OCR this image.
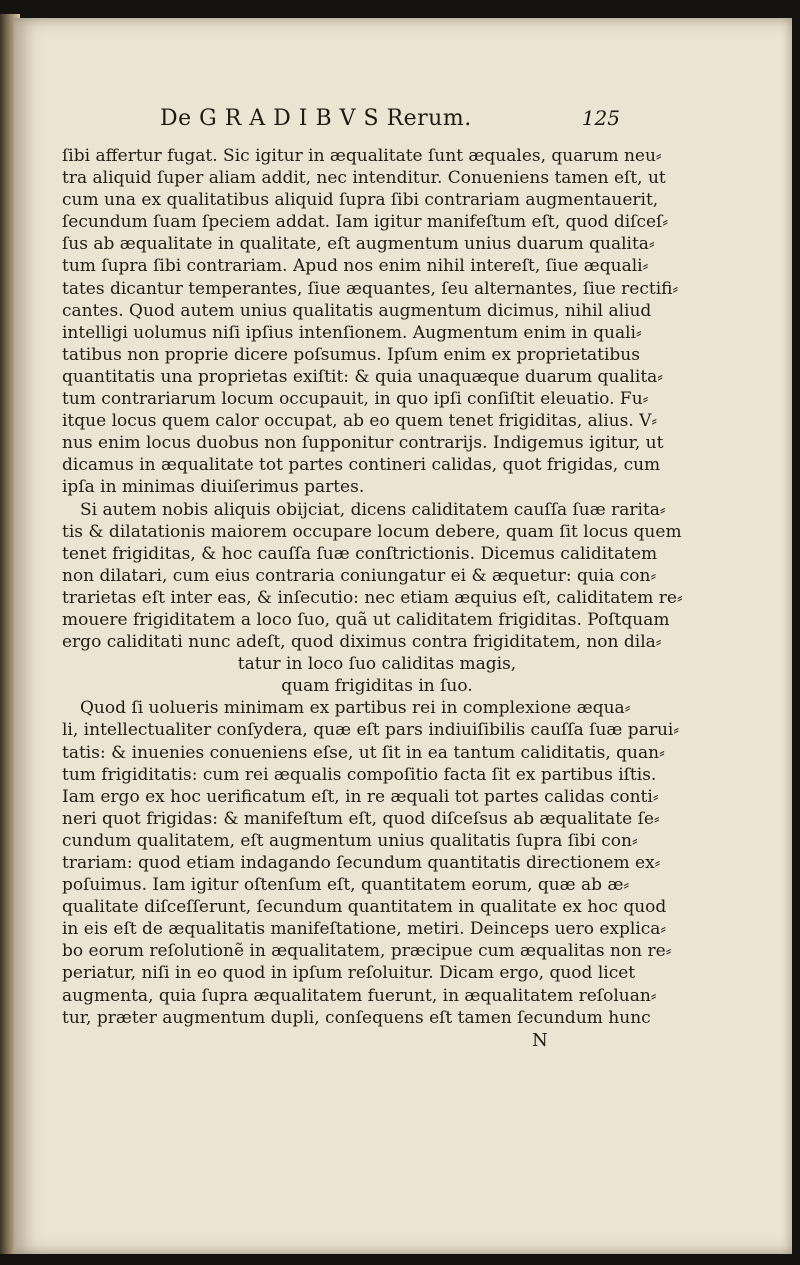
De G R A D I B V S Rerum.	125
ſibi affertur fugat. Sic igitur in æqualitate ſunt æquales, quarum neu⸗
tra aliquid ſuper aliam addit, nec intenditur. Conueniens tamen eſt, ut
cum una ex qualitatibus aliquid ſupra ſibi contrariam augmentauerit,
ſecundum ſuam ſpeciem addat. Iam igitur manifeſtum eſt, quod diſceſ⸗
ſus ab æqualitate in qualitate, eſt augmentum unius duarum qualita⸗
tum ſupra ſibi contrariam. Apud nos enim nihil intereſt, ſiue æquali⸗
tates dicantur temperantes, ſiue æquantes, ſeu alternantes, ſiue rectifi⸗
cantes. Quod autem unius qualitatis augmentum dicimus, nihil aliud
intelligi uolumus niſi ipſius intenſionem. Augmentum enim in quali⸗
tatibus non proprie dicere poſsumus. Ipſum enim ex proprietatibus
quantitatis una proprietas exiſtit: & quia unaquæque duarum qualita⸗
tum contrariarum locum occupauit, in quo ipſi conſiſtit eleuatio. Fu⸗
itque locus quem calor occupat, ab eo quem tenet frigiditas, alius. V⸗
nus enim locus duobus non ſupponitur contrarijs. Indigemus igitur, ut
dicamus in æqualitate tot partes contineri calidas, quot frigidas, cum
ipſa in minimas diuiſerimus partes.
Si autem nobis aliquis obijciat, dicens caliditatem cauſſa ſuæ rarita⸗
tis & dilatationis maiorem occupare locum debere, quam ſit locus quem
tenet frigiditas, & hoc cauſſa ſuæ conſtrictionis. Dicemus caliditatem
non dilatari, cum eius contraria coniungatur ei & æquetur: quia con⸗
trarietas eſt inter eas, & inſecutio: nec etiam æquius eſt, caliditatem re⸗
mouere frigiditatem a loco ſuo, quã ut caliditatem frigiditas. Poſtquam
ergo caliditati nunc adeſt, quod diximus contra frigiditatem, non dila⸗
tatur in loco ſuo caliditas magis,
quam frigiditas in ſuo.
Quod ſi uolueris minimam ex partibus rei in complexione æqua⸗
li, intellectualiter conſydera, quæ eſt pars indiuiſibilis cauſſa ſuæ parui⸗
tatis: & inuenies conueniens eſse, ut ſit in ea tantum caliditatis, quan⸗
tum frigiditatis: cum rei æqualis compoſitio facta ſit ex partibus iſtis.
Iam ergo ex hoc uerificatum eſt, in re æquali tot partes calidas conti⸗
neri quot frigidas: & manifeſtum eſt, quod diſceſsus ab æqualitate ſe⸗
cundum qualitatem, eſt augmentum unius qualitatis ſupra ſibi con⸗
trariam: quod etiam indagando ſecundum quantitatis directionem ex⸗
poſuimus. Iam igitur oſtenſum eſt, quantitatem eorum, quæ ab æ⸗
qualitate diſceſſerunt, ſecundum quantitatem in qualitate ex hoc quod
in eis eſt de æqualitatis manifeſtatione, metiri. Deinceps uero explica⸗
bo eorum reſolutionẽ in æqualitatem, præcipue cum æqualitas non re⸗
periatur, niſi in eo quod in ipſum reſoluitur. Dicam ergo, quod licet
augmenta, quia ſupra æqualitatem fuerunt, in æqualitatem reſoluan⸗
tur, præter augmentum dupli, conſequens eſt tamen ſecundum hunc
N
